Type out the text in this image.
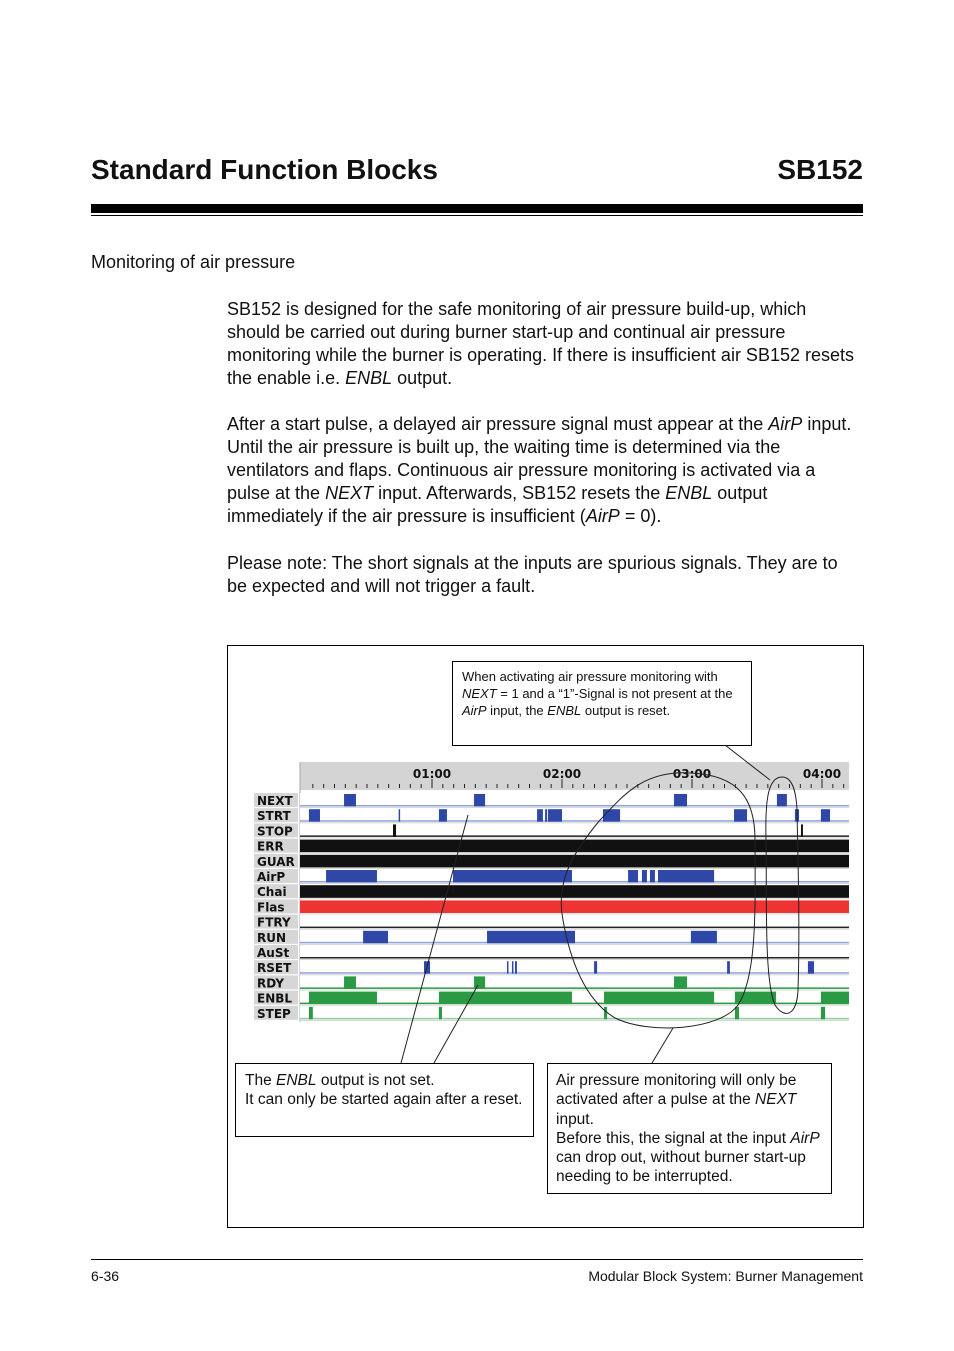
Standard Function Blocks	SB152
Monitoring of air pressure
SB152 is designed for the safe monitoring of air pressure build-up, which should be carried out during burner start-up and continual air pressure monitoring while the burner is operating. If there is insufficient air SB152 resets the enable i.e. ENBL output.
After a start pulse, a delayed air pressure signal must appear at the AirP input. Until the air pressure is built up, the waiting time is determined via the ventilators and flaps. Continuous air pressure monitoring is activated via a pulse at the NEXT input. Afterwards, SB152 resets the ENBL output immediately if the air pressure is insufficient (AirP = 0).
Please note: The short signals at the inputs are spurious signals. They are to be expected and will not trigger a fault.
01:00	02:00	03:00	04:00
NEXT
STRT
STOP
ERR
GUAR
AirP
Chai
Flas
FTRY
RUN
AuSt
RSET
RDY
ENBL
STEP
When activating air pressure monitoring with NEXT = 1 and a “1”-Signal is not present at the AirP input, the ENBL output is reset.
The ENBL output is not set.
It can only be started again after a reset.
Air pressure monitoring will only be activated after a pulse at the NEXT input.
Before this, the signal at the input AirP can drop out, without burner start-up needing to be interrupted.
6-36	Modular Block System: Burner Management
